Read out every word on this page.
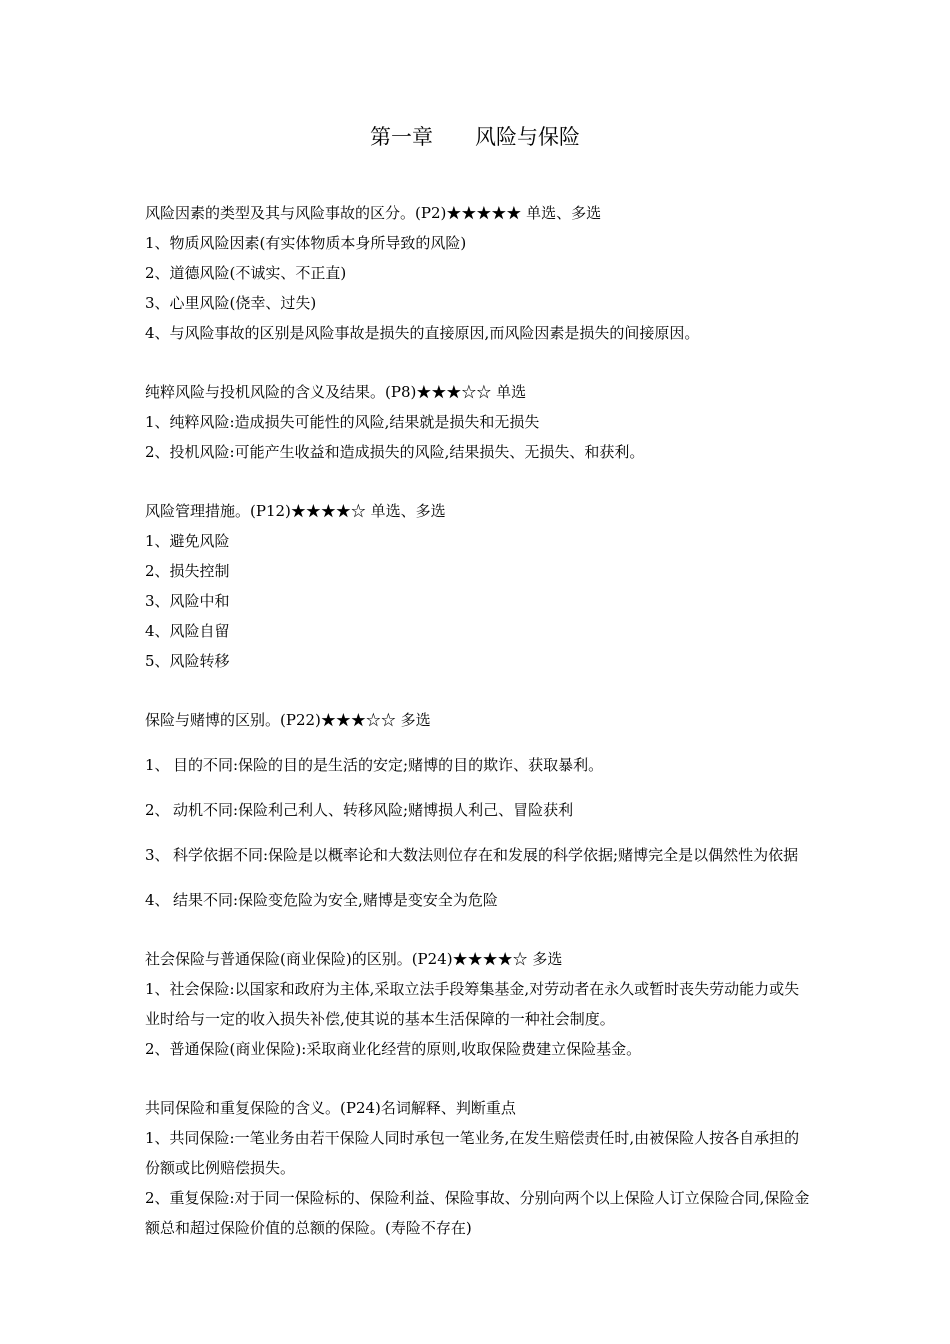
第一章　　风险与保险

风险因素的类型及其与风险事故的区分。(P2)★★★★★ 单选、多选

1、物质风险因素(有实体物质本身所导致的风险)

2、道德风险(不诚实、不正直)

3、心里风险(侥幸、过失)

4、与风险事故的区别是风险事故是损失的直接原因,而风险因素是损失的间接原因。

纯粹风险与投机风险的含义及结果。(P8)★★★☆☆ 单选

1、纯粹风险:造成损失可能性的风险,结果就是损失和无损失

2、投机风险:可能产生收益和造成损失的风险,结果损失、无损失、和获利。

风险管理措施。(P12)★★★★☆ 单选、多选

1、避免风险

2、损失控制

3、风险中和

4、风险自留

5、风险转移

保险与赌博的区别。(P22)★★★☆☆ 多选

1、 目的不同:保险的目的是生活的安定;赌博的目的欺诈、获取暴利。

2、 动机不同:保险利己利人、转移风险;赌博损人利己、冒险获利

3、 科学依据不同:保险是以概率论和大数法则位存在和发展的科学依据;赌博完全是以偶然性为依据

4、 结果不同:保险变危险为安全,赌博是变安全为危险

社会保险与普通保险(商业保险)的区别。(P24)★★★★☆ 多选

1、社会保险:以国家和政府为主体,采取立法手段筹集基金,对劳动者在永久或暂时丧失劳动能力或失业时给与一定的收入损失补偿,使其说的基本生活保障的一种社会制度。

2、普通保险(商业保险):采取商业化经营的原则,收取保险费建立保险基金。

共同保险和重复保险的含义。(P24)名词解释、判断重点

1、共同保险:一笔业务由若干保险人同时承包一笔业务,在发生赔偿责任时,由被保险人按各自承担的份额或比例赔偿损失。

2、重复保险:对于同一保险标的、保险利益、保险事故、分别向两个以上保险人订立保险合同,保险金额总和超过保险价值的总额的保险。(寿险不存在)
